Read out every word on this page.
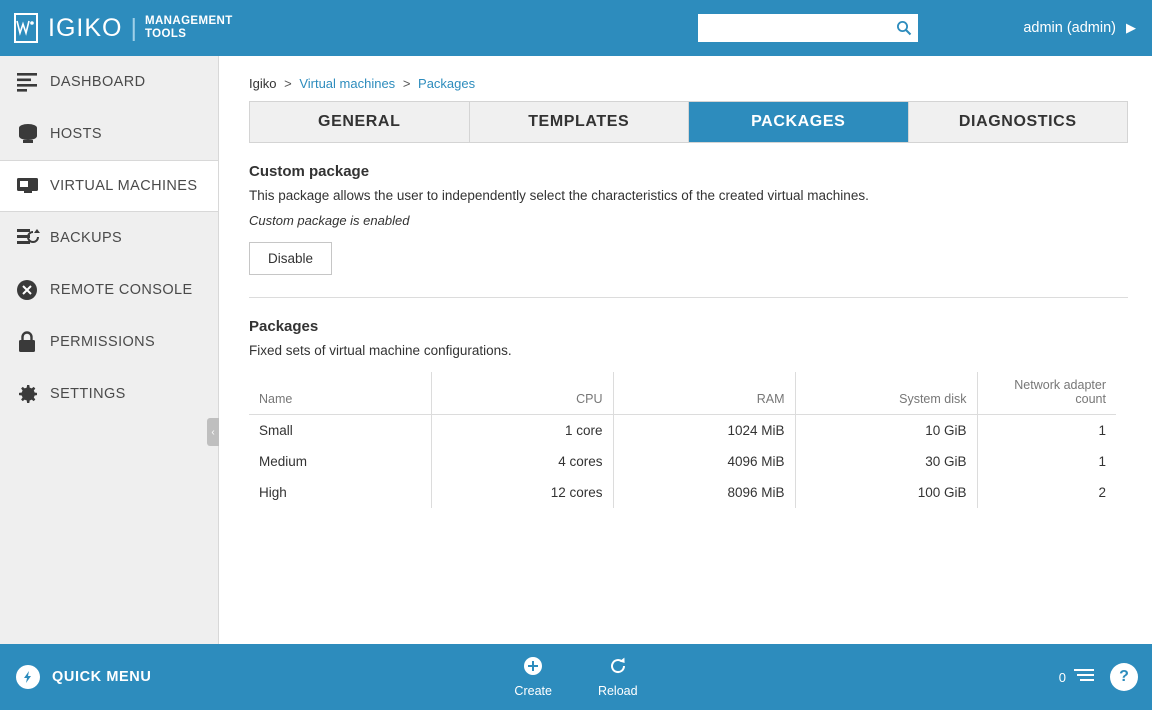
IGIKO | MANAGEMENT
TOOLS	admin (admin) ▶
DASHBOARD
HOSTS
VIRTUAL MACHINES
BACKUPS
REMOTE CONSOLE
PERMISSIONS
SETTINGS
‹
Igiko > Virtual machines > Packages
GENERAL	TEMPLATES	PACKAGES	DIAGNOSTICS
Custom package
This package allows the user to independently select the characteristics of the created virtual machines.
Custom package is enabled
Disable
Packages
Fixed sets of virtual machine configurations.
Name	CPU	RAM	System disk	Network adapter count
Small	1 core	1024 MiB	10 GiB	1
Medium	4 cores	4096 MiB	30 GiB	1
High	12 cores	8096 MiB	100 GiB	2
QUICK MENU
Create	Reload
0	?
